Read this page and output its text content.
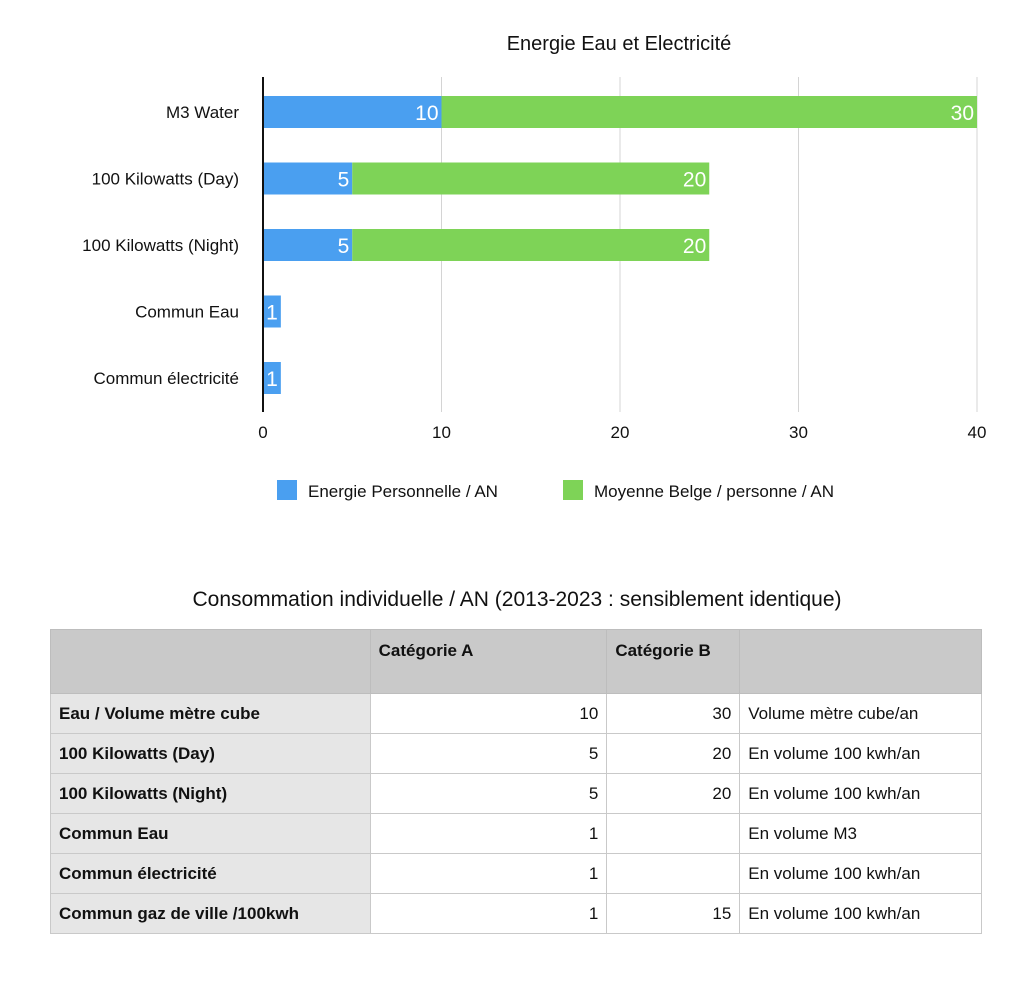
Energie Eau et Electricité
10	30
5	20
5	20
1
1
M3 Water
100 Kilowatts (Day)
100 Kilowatts (Night)
Commun Eau
Commun électricité
0	10	20	30	40
Energie Personnelle / AN	Moyenne Belge / personne / AN
Consommation individuelle / AN (2013-2023 : sensiblement identique)
	Catégorie A	Catégorie B	
Eau / Volume mètre cube	10	30	Volume mètre cube/an
100 Kilowatts (Day)	5	20	En volume 100 kwh/an
100 Kilowatts (Night)	5	20	En volume 100 kwh/an
Commun Eau	1		En volume M3
Commun électricité	1		En volume 100 kwh/an
Commun gaz de ville /100kwh	1	15	En volume 100 kwh/an
